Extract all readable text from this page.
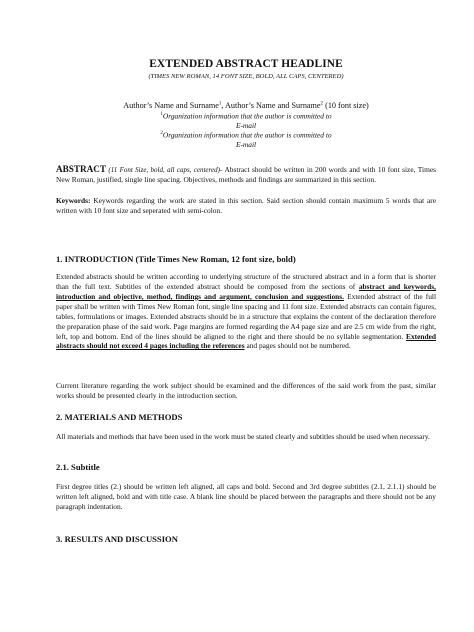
EXTENDED ABSTRACT HEADLINE

(TIMES NEW ROMAN, 14 FONT SIZE, BOLD, ALL CAPS, CENTERED)

Author’s Name and Surname$^1$, Author’s Name and Surname$^2$ (10 font size)

$^1$Organization information that the author is committed to
E-mail

$^2$Organization information that the author is committed to
E-mail

ABSTRACT (11 Font Size, bold, all caps, centered)- Abstract should be written in 200 words and with 10 font size, Times New Roman, justified, single line spacing. Objectives, methods and findings are summarized in this section.

Keywords: Keywords regarding the work are stated in this section. Said section should contain maximum 5 words that are written with 10 font size and seperated with semi-colon.

1. INTRODUCTION (Title Times New Roman, 12 font size, bold)

Extended abstracts should be written according to underlying structure of the structured abstract and in a form that is shorter than the full text. Subtitles of the extended abstract should be composed from the sections of abstract and keywords, introduction and objective, method, findings and argument, conclusion and suggestions. Extended abstract of the full paper shall be written with Times New Roman font, single line spacing and 11 font size. Extended abstracts can contain figures, tables, formulations or images. Extended abstracts should be in a structure that explains the content of the declaration therefore the preparation phase of the said work. Page margins are formed regarding the A4 page size and are 2.5 cm wide from the right, left, top and bottom. End of the lines should be aligned to the right and there should be no syllable segmentation. Extended abstracts should not exceed 4 pages including the references and pages should not be numbered.

Current literature regarding the work subject should be examined and the differences of the said work from the past, similar works should be presented clearly in the introduction section.

2. MATERIALS AND METHODS

All materials and methods that have been used in the work must be stated clearly and subtitles should be used when necessary.

2.1. Subtitle

First degree titles (2.) should be written left aligned, all caps and bold. Second and 3rd degree subtitles (2.1, 2.1.1) should be written left aligned, bold and with title case. A blank line should be placed between the paragraphs and there should not be any paragraph indentation.

3. RESULTS AND DISCUSSION
